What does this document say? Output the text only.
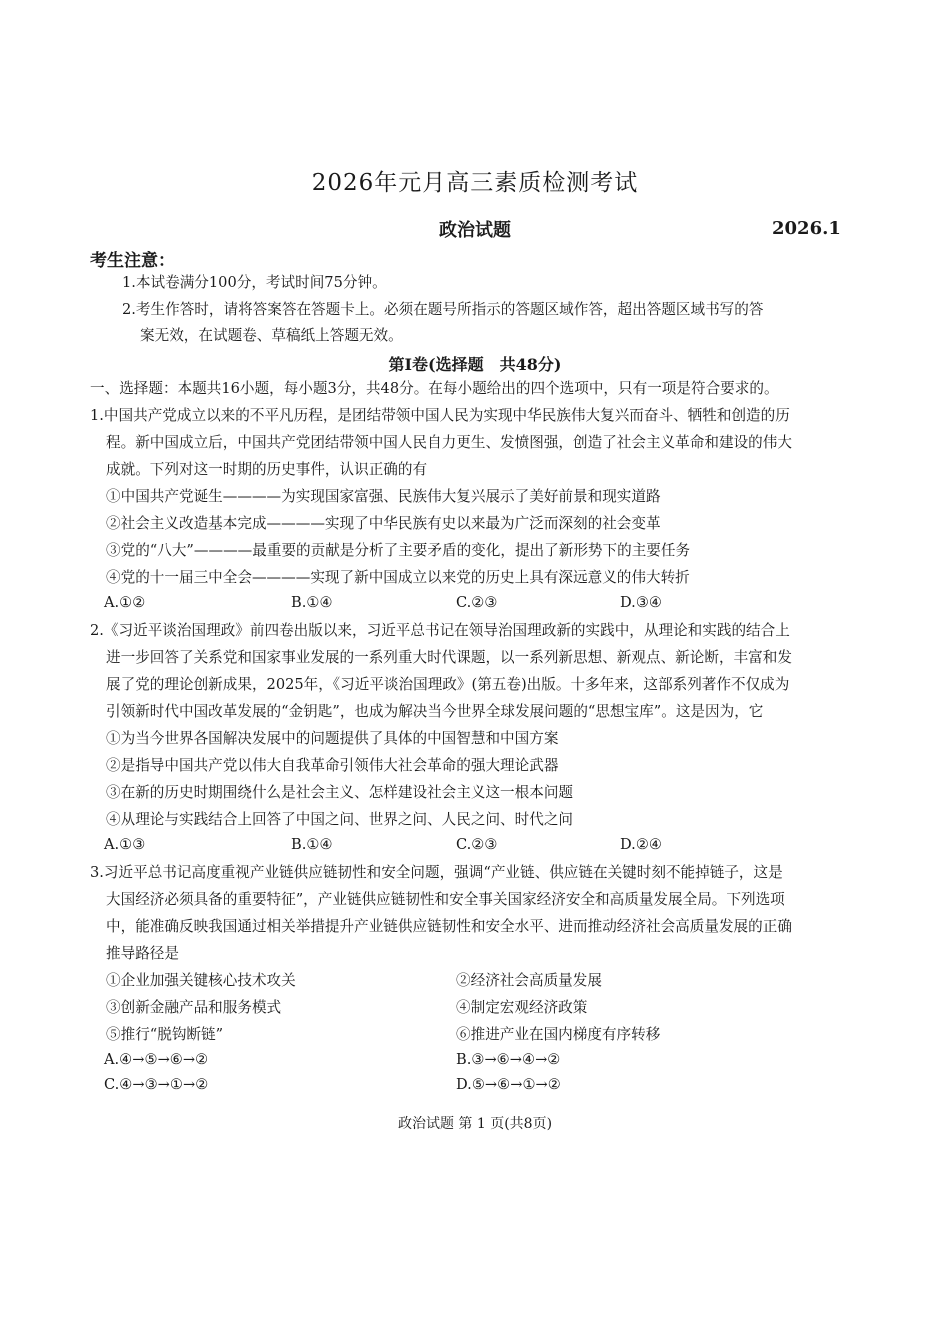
2026年元月高三素质检测考试
政治试题	2026.1
考生注意：
1.本试卷满分100分，考试时间75分钟。
2.考生作答时，请将答案答在答题卡上。必须在题号所指示的答题区域作答，超出答题区域书写的答
案无效，在试题卷、草稿纸上答题无效。
第Ⅰ卷(选择题　共48分)
一、选择题：本题共16小题，每小题3分，共48分。在每小题给出的四个选项中，只有一项是符合要求的。
1.中国共产党成立以来的不平凡历程，是团结带领中国人民为实现中华民族伟大复兴而奋斗、牺牲和创造的历
程。新中国成立后，中国共产党团结带领中国人民自力更生、发愤图强，创造了社会主义革命和建设的伟大
成就。下列对这一时期的历史事件，认识正确的有
①中国共产党诞生————为实现国家富强、民族伟大复兴展示了美好前景和现实道路
②社会主义改造基本完成————实现了中华民族有史以来最为广泛而深刻的社会变革
③党的“八大”————最重要的贡献是分析了主要矛盾的变化，提出了新形势下的主要任务
④党的十一届三中全会————实现了新中国成立以来党的历史上具有深远意义的伟大转折
A.①②	B.①④	C.②③	D.③④
2.《习近平谈治国理政》前四卷出版以来，习近平总书记在领导治国理政新的实践中，从理论和实践的结合上
进一步回答了关系党和国家事业发展的一系列重大时代课题，以一系列新思想、新观点、新论断，丰富和发
展了党的理论创新成果，2025年，《习近平谈治国理政》(第五卷)出版。十多年来，这部系列著作不仅成为
引领新时代中国改革发展的“金钥匙”，也成为解决当今世界全球发展问题的“思想宝库”。这是因为，它
①为当今世界各国解决发展中的问题提供了具体的中国智慧和中国方案
②是指导中国共产党以伟大自我革命引领伟大社会革命的强大理论武器
③在新的历史时期围绕什么是社会主义、怎样建设社会主义这一根本问题
④从理论与实践结合上回答了中国之问、世界之问、人民之问、时代之问
A.①③	B.①④	C.②③	D.②④
3.习近平总书记高度重视产业链供应链韧性和安全问题，强调“产业链、供应链在关键时刻不能掉链子，这是
大国经济必须具备的重要特征”，产业链供应链韧性和安全事关国家经济安全和高质量发展全局。下列选项
中，能准确反映我国通过相关举措提升产业链供应链韧性和安全水平、进而推动经济社会高质量发展的正确
推导路径是
①企业加强关键核心技术攻关	②经济社会高质量发展
③创新金融产品和服务模式	④制定宏观经济政策
⑤推行“脱钩断链”	⑥推进产业在国内梯度有序转移
A.④→⑤→⑥→②	B.③→⑥→④→②
C.④→③→①→②	D.⑤→⑥→①→②
政治试题 第 1 页(共8页)
